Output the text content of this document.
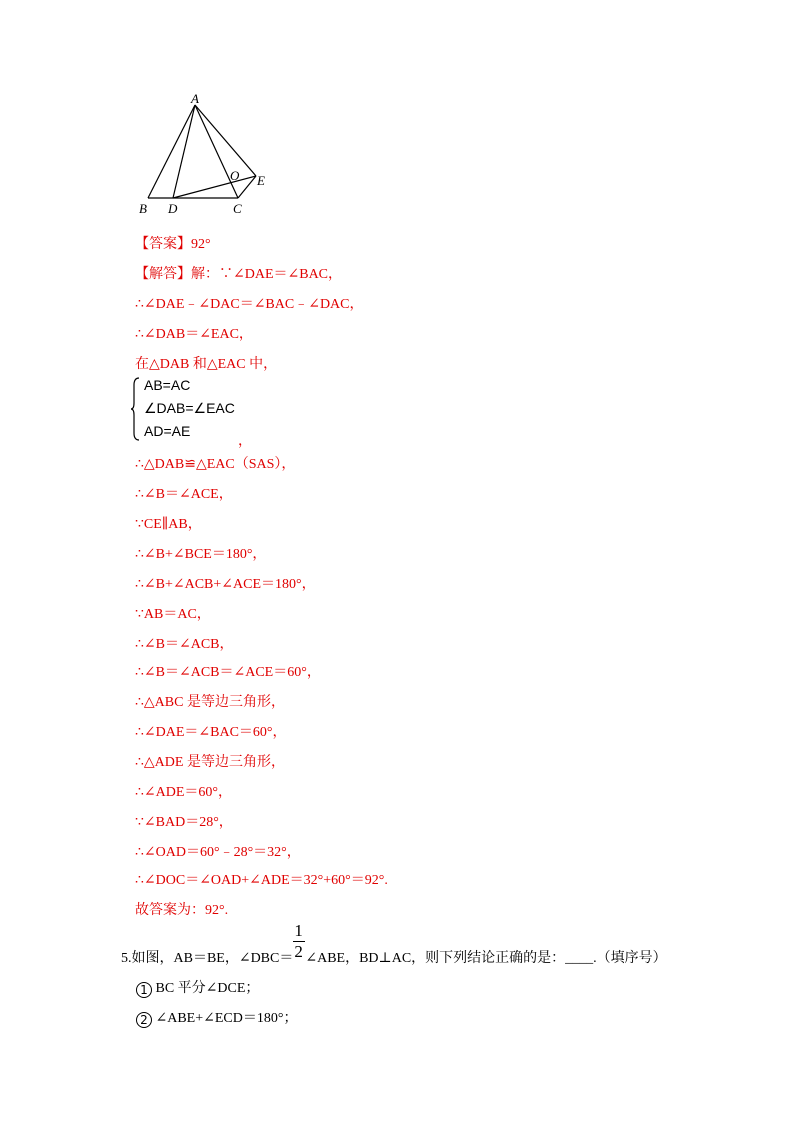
A
B D	C
E
O
【答案】92°
【解答】解：∵∠DAE＝∠BAC，
∴∠DAE﹣∠DAC＝∠BAC﹣∠DAC，
∴∠DAB＝∠EAC，
在△DAB 和△EAC 中，
AB=AC
∠DAB=∠EAC
AD=AE
，
∴△DAB≌△EAC（SAS），
∴∠B＝∠ACE，
∵CE∥AB，
∴∠B+∠BCE＝180°，
∴∠B+∠ACB+∠ACE＝180°，
∵AB＝AC，
∴∠B＝∠ACB，
∴∠B＝∠ACB＝∠ACE＝60°，
∴△ABC 是等边三角形，
∴∠DAE＝∠BAC＝60°，
∴△ADE 是等边三角形，
∴∠ADE＝60°，
∵∠BAD＝28°，
∴∠OAD＝60°﹣28°＝32°，
∴∠DOC＝∠OAD+∠ADE＝32°+60°＝92°.
故答案为：92°.
5.如图，AB＝BE，∠DBC＝ $\frac{1}{2}$ ∠ABE，BD⊥AC，则下列结论正确的是：____.（填序号）
1 BC 平分∠DCE；
2 ∠ABE+∠ECD＝180°；
